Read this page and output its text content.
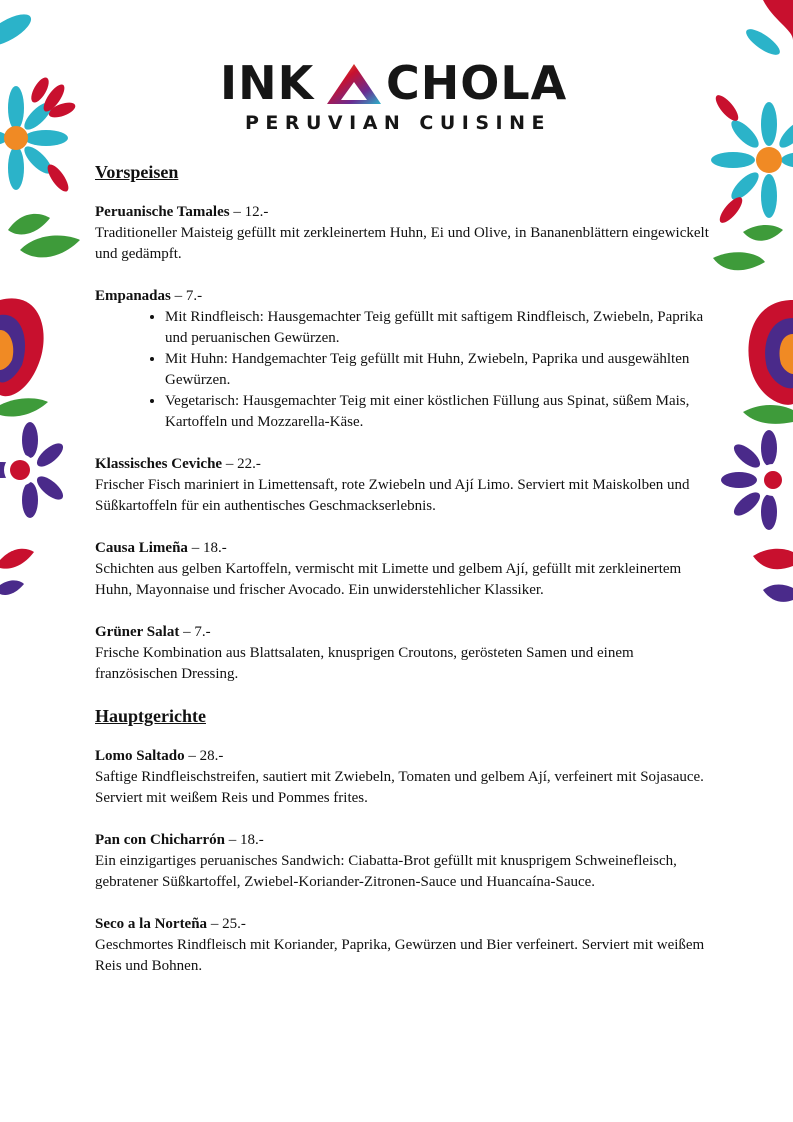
INK CHOLA
PERUVIAN CUISINE
Vorspeisen

Peruanische Tamales – 12.-

Traditioneller Maisteig gefüllt mit zerkleinertem Huhn, Ei und Olive, in Bananenblättern eingewickelt und gedämpft.

Empanadas – 7.-

• Mit Rindfleisch: Hausgemachter Teig gefüllt mit saftigem Rindfleisch, Zwiebeln, Paprika und peruanischen Gewürzen.
• Mit Huhn: Handgemachter Teig gefüllt mit Huhn, Zwiebeln, Paprika und ausgewählten Gewürzen.
• Vegetarisch: Hausgemachter Teig mit einer köstlichen Füllung aus Spinat, süßem Mais, Kartoffeln und Mozzarella-Käse.

Klassisches Ceviche – 22.-

Frischer Fisch mariniert in Limettensaft, rote Zwiebeln und Ají Limo. Serviert mit Maiskolben und Süßkartoffeln für ein authentisches Geschmackserlebnis.

Causa Limeña – 18.-

Schichten aus gelben Kartoffeln, vermischt mit Limette und gelbem Ají, gefüllt mit zerkleinertem Huhn, Mayonnaise und frischer Avocado. Ein unwiderstehlicher Klassiker.

Grüner Salat – 7.-

Frische Kombination aus Blattsalaten, knusprigen Croutons, gerösteten Samen und einem französischen Dressing.

Hauptgerichte

Lomo Saltado – 28.-

Saftige Rindfleischstreifen, sautiert mit Zwiebeln, Tomaten und gelbem Ají, verfeinert mit Sojasauce. Serviert mit weißem Reis und Pommes frites.

Pan con Chicharrón – 18.-

Ein einzigartiges peruanisches Sandwich: Ciabatta-Brot gefüllt mit knusprigem Schweinefleisch, gebratener Süßkartoffel, Zwiebel-Koriander-Zitronen-Sauce und Huancaína-Sauce.

Seco a la Norteña – 25.-

Geschmortes Rindfleisch mit Koriander, Paprika, Gewürzen und Bier verfeinert. Serviert mit weißem Reis und Bohnen.
